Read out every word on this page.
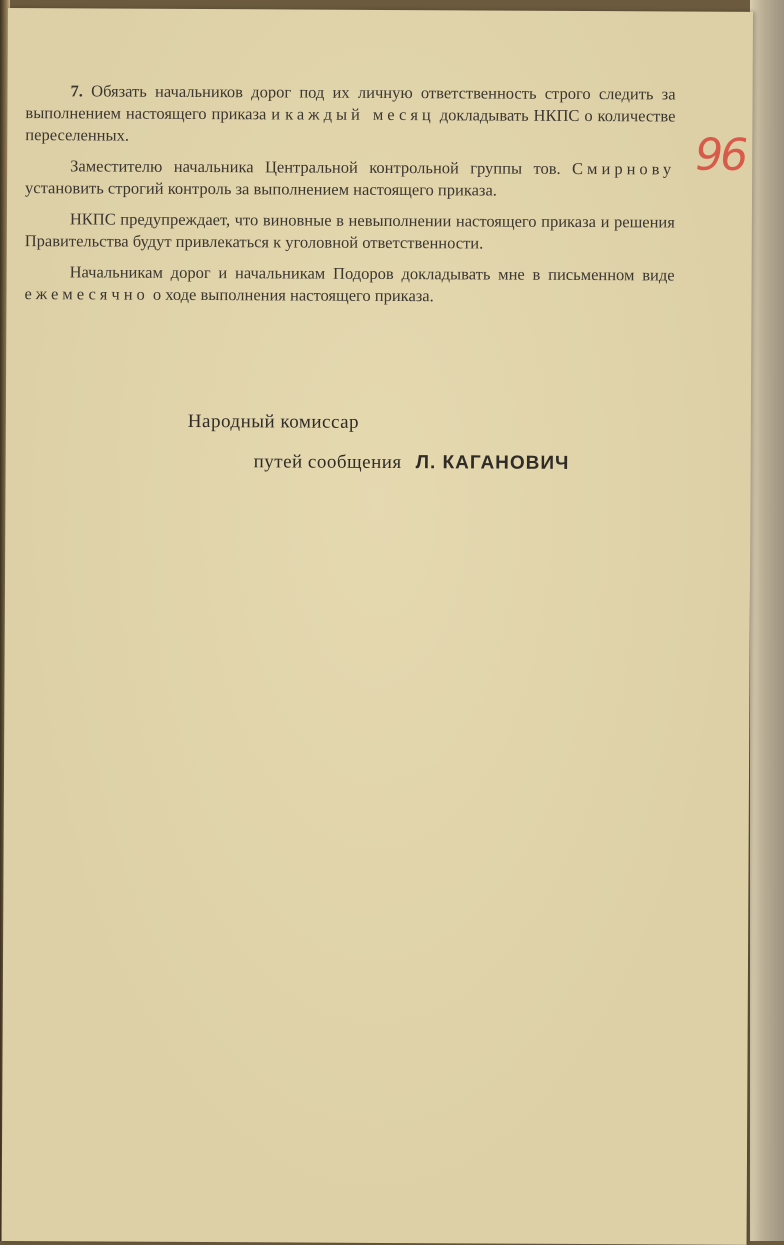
96

7. Обязать начальников дорог под их личную ответственность строго следить за выполнением настоящего приказа и каждый месяц докладывать НКПС о количестве переселенных.

Заместителю начальника Центральной контрольной группы тов. Смирнову установить строгий контроль за выполнением настоящего приказа.

НКПС предупреждает, что виновные в невыполнении настоящего приказа и решения Правительства будут привлекаться к уголовной ответственности.

Начальникам дорог и начальникам Подоров докладывать мне в письменном виде ежемесячно о ходе выполнения настоящего приказа.

Народный комиссар
путей сообщения Л. КАГАНОВИЧ
